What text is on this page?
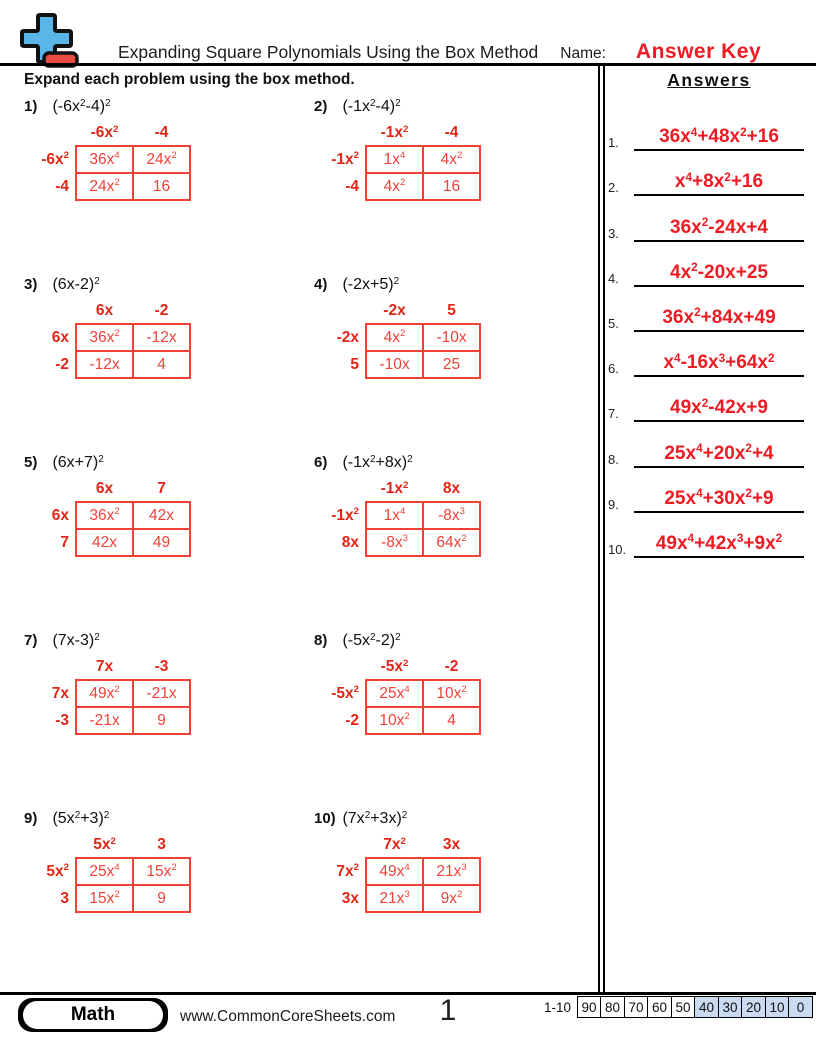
Expanding Square Polynomials Using the Box Method Name: Answer Key
Expand each problem using the box method.
1) $(-6x^2-4)^2$
	$-6x^2$	-4
$-6x^2$	$36x^4$	$24x^2$
-4	$24x^2$	16
2) $(-1x^2-4)^2$
	$-1x^2$	-4
$-1x^2$	$1x^4$	$4x^2$
-4	$4x^2$	16
3) $(6x-2)^2$
	6x	-2
6x	$36x^2$	-12x
-2	-12x	4
4) $(-2x+5)^2$
	-2x	5
-2x	$4x^2$	-10x
5	-10x	25
5) $(6x+7)^2$
	6x	7
6x	$36x^2$	42x
7	42x	49
6) $(-1x^2+8x)^2$
	$-1x^2$	8x
$-1x^2$	$1x^4$	$-8x^3$
8x	$-8x^3$	$64x^2$
7) $(7x-3)^2$
	7x	-3
7x	$49x^2$	-21x
-3	-21x	9
8) $(-5x^2-2)^2$
	$-5x^2$	-2
$-5x^2$	$25x^4$	$10x^2$
-2	$10x^2$	4
9) $(5x^2+3)^2$
	$5x^2$	3
$5x^2$	$25x^4$	$15x^2$
3	$15x^2$	9
10) $(7x^2+3x)^2$
	$7x^2$	3x
$7x^2$	$49x^4$	$21x^3$
3x	$21x^3$	$9x^2$
Answers
1.	$36x^4+48x^2+16$
2.	$x^4+8x^2+16$
3.	$36x^2-24x+4$
4.	$4x^2-20x+25$
5.	$36x^2+84x+49$
6.	$x^4-16x^3+64x^2$
7.	$49x^2-42x+9$
8.	$25x^4+20x^2+4$
9.	$25x^4+30x^2+9$
10.	$49x^4+42x^3+9x^2$
Math	www.CommonCoreSheets.com	1	1-10 90 80 70 60 50 40 30 20 10 0
